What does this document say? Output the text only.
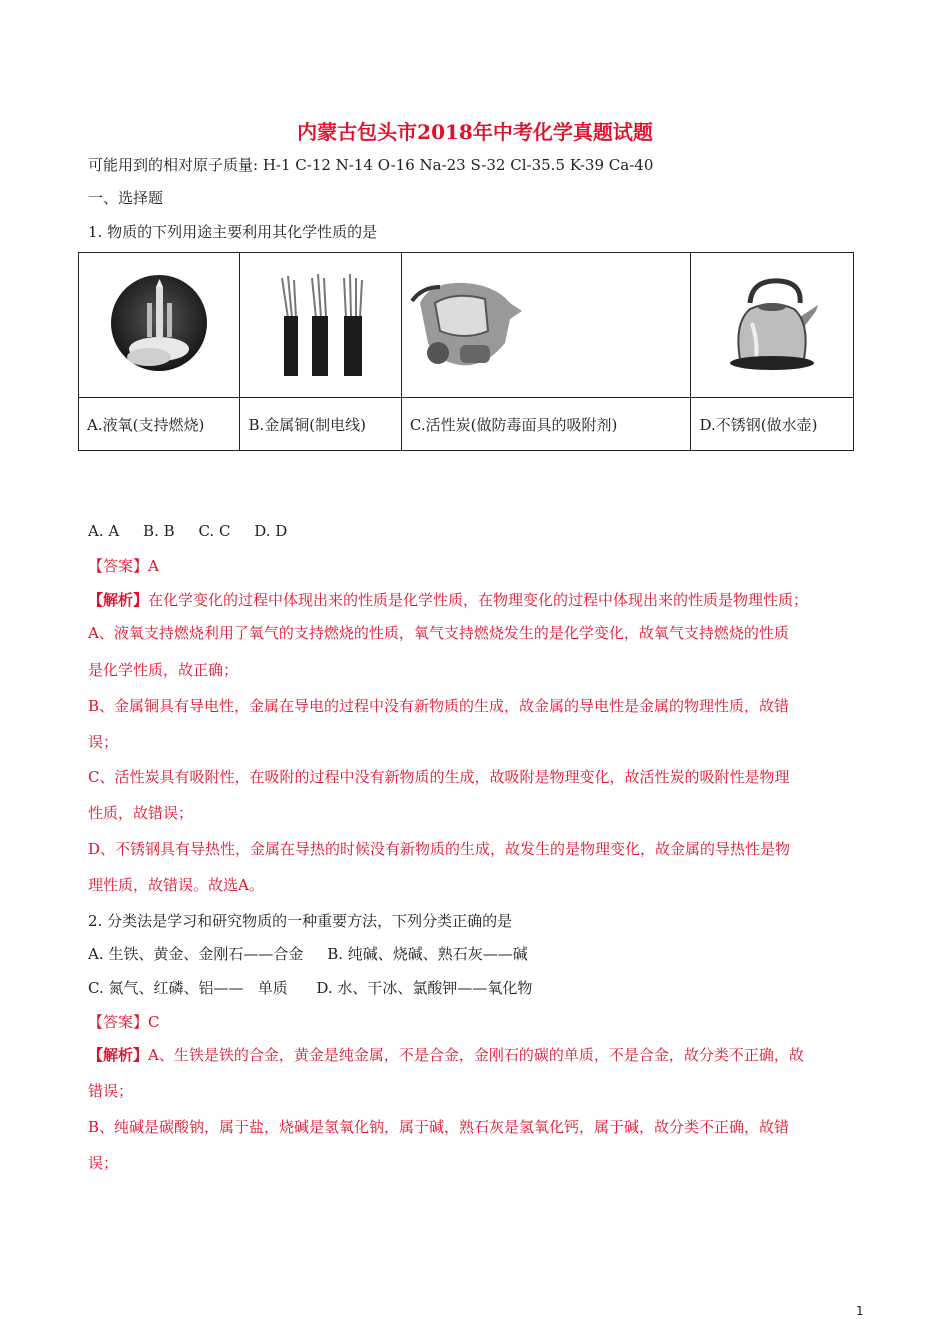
内蒙古包头市2018年中考化学真题试题
可能用到的相对原子质量: H-1 C-12 N-14 O-16 Na-23 S-32 Cl-35.5 K-39 Ca-40
一、选择题
1. 物质的下列用途主要利用其化学性质的是

A.液氧(支持燃烧)	B.金属铜(制电线)	C.活性炭(做防毒面具的吸附剂)	D.不锈钢(做水壶)
A. A     B. B     C. C     D. D
【答案】A
【解析】在化学变化的过程中体现出来的性质是化学性质，在物理变化的过程中体现出来的性质是物理性质；
A、液氧支持燃烧利用了氧气的支持燃烧的性质，氧气支持燃烧发生的是化学变化，故氧气支持燃烧的性质
是化学性质，故正确；
B、金属铜具有导电性，金属在导电的过程中没有新物质的生成，故金属的导电性是金属的物理性质，故错
误；
C、活性炭具有吸附性，在吸附的过程中没有新物质的生成，故吸附是物理变化，故活性炭的吸附性是物理
性质，故错误；
D、不锈钢具有导热性，金属在导热的时候没有新物质的生成，故发生的是物理变化，故金属的导热性是物
理性质，故错误。故选A。
2. 分类法是学习和研究物质的一种重要方法，下列分类正确的是
A. 生铁、黄金、金刚石——合金     B. 纯碱、烧碱、熟石灰——碱
C. 氮气、红磷、铝——   单质      D. 水、干冰、氯酸钾——氧化物
【答案】C
【解析】A、生铁是铁的合金，黄金是纯金属，不是合金，金刚石的碳的单质，不是合金，故分类不正确，故
错误；
B、纯碱是碳酸钠，属于盐，烧碱是氢氧化钠，属于碱，熟石灰是氢氧化钙，属于碱，故分类不正确，故错
误；
1
